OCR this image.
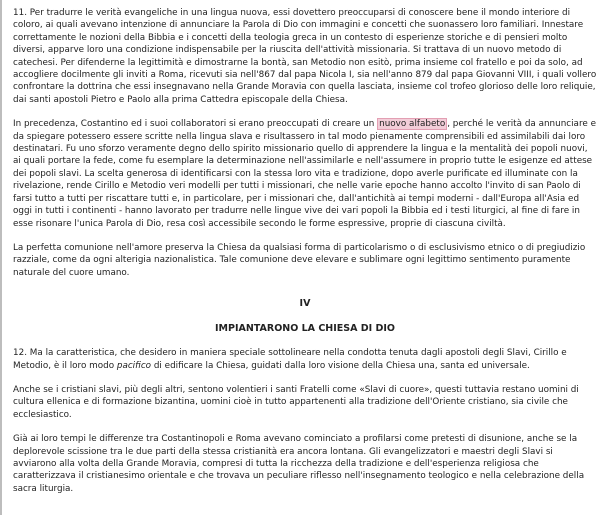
11. Per tradurre le verità evangeliche in una lingua nuova, essi dovettero preoccuparsi di conoscere bene il mondo interiore di coloro, ai quali avevano intenzione di annunciare la Parola di Dio con immagini e concetti che suonassero loro familiari. Innestare correttamente le nozioni della Bibbia e i concetti della teologia greca in un contesto di esperienze storiche e di pensieri molto diversi, apparve loro una condizione indispensabile per la riuscita dell'attività missionaria. Si trattava di un nuovo metodo di catechesi. Per difenderne la legittimità e dimostrarne la bontà, san Metodio non esitò, prima insieme col fratello e poi da solo, ad accogliere docilmente gli inviti a Roma, ricevuti sia nell'867 dal papa Nicola I, sia nell'anno 879 dal papa Giovanni VIII, i quali vollero confrontare la dottrina che essi insegnavano nella Grande Moravia con quella lasciata, insieme col trofeo glorioso delle loro reliquie, dai santi apostoli Pietro e Paolo alla prima Cattedra episcopale della Chiesa.

In precedenza, Costantino ed i suoi collaboratori si erano preoccupati di creare un nuovo alfabeto , perché le verità da annunciare e da spiegare potessero essere scritte nella lingua slava e risultassero in tal modo pienamente comprensibili ed assimilabili dai loro destinatari. Fu uno sforzo veramente degno dello spirito missionario quello di apprendere la lingua e la mentalità dei popoli nuovi, ai quali portare la fede, come fu esemplare la determinazione nell'assimilarle e nell'assumere in proprio tutte le esigenze ed attese dei popoli slavi. La scelta generosa di identificarsi con la stessa loro vita e tradizione, dopo averle purificate ed illuminate con la rivelazione, rende Cirillo e Metodio veri modelli per tutti i missionari, che nelle varie epoche hanno accolto l'invito di san Paolo di farsi tutto a tutti per riscattare tutti e, in particolare, per i missionari che, dall'antichità ai tempi moderni - dall'Europa all'Asia ed oggi in tutti i continenti - hanno lavorato per tradurre nelle lingue vive dei vari popoli la Bibbia ed i testi liturgici, al fine di fare in esse risonare l'unica Parola di Dio, resa così accessibile secondo le forme espressive, proprie di ciascuna civiltà.

La perfetta comunione nell'amore preserva la Chiesa da qualsiasi forma di particolarismo o di esclusivismo etnico o di pregiudizio razziale, come da ogni alterigia nazionalistica. Tale comunione deve elevare e sublimare ogni legittimo sentimento puramente naturale del cuore umano.

IV
IMPIANTARONO LA CHIESA DI DIO

12. Ma la caratteristica, che desidero in maniera speciale sottolineare nella condotta tenuta dagli apostoli degli Slavi, Cirillo e Metodio, è il loro modo pacifico di edificare la Chiesa, guidati dalla loro visione della Chiesa una, santa ed universale.

Anche se i cristiani slavi, più degli altri, sentono volentieri i santi Fratelli come «Slavi di cuore», questi tuttavia restano uomini di cultura ellenica e di formazione bizantina, uomini cioè in tutto appartenenti alla tradizione dell'Oriente cristiano, sia civile che ecclesiastico.

Già ai loro tempi le differenze tra Costantinopoli e Roma avevano cominciato a profilarsi come pretesti di disunione, anche se la deplorevole scissione tra le due parti della stessa cristianità era ancora lontana. Gli evangelizzatori e maestri degli Slavi si avviarono alla volta della Grande Moravia, compresi di tutta la ricchezza della tradizione e dell'esperienza religiosa che caratterizzava il cristianesimo orientale e che trovava un peculiare riflesso nell'insegnamento teologico e nella celebrazione della sacra liturgia.
